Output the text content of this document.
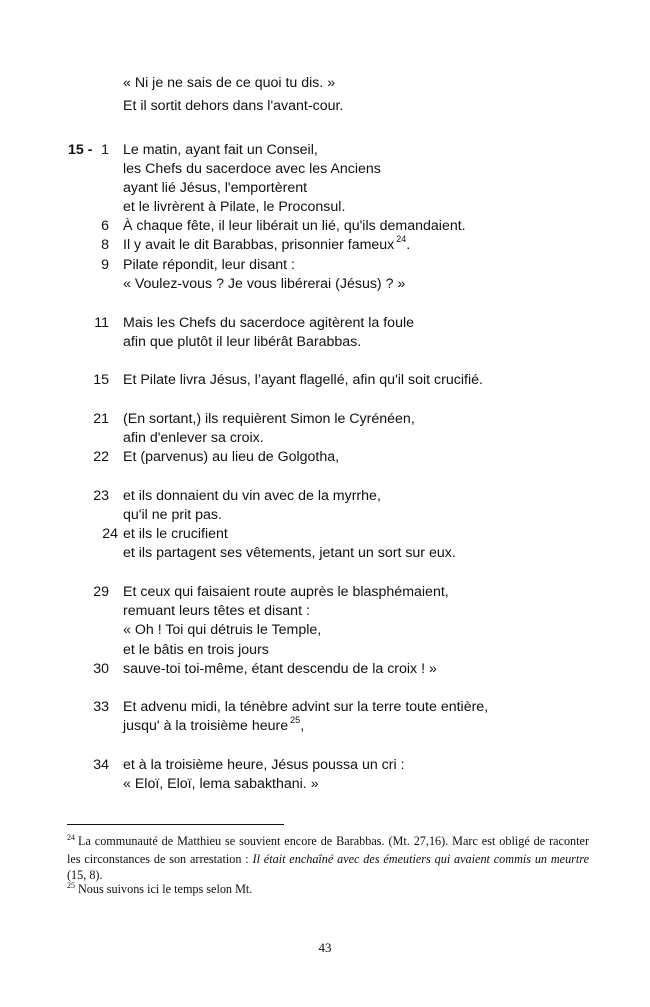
« Ni je ne sais de ce quoi tu dis. »
Et il sortit dehors dans l'avant-cour.
15 - 1 Le matin, ayant fait un Conseil,
les Chefs du sacerdoce avec les Anciens
ayant lié Jésus, l'emportèrent
et le livrèrent à Pilate, le Proconsul.
6 À chaque fête, il leur libérait un lié, qu'ils demandaient.
8 Il y avait le dit Barabbas, prisonnier fameux $^{24}$.
9 Pilate répondit, leur disant :
« Voulez-vous ? Je vous libérerai (Jésus) ? »
11 Mais les Chefs du sacerdoce agitèrent la foule
afin que plutôt il leur libérât Barabbas.
15 Et Pilate livra Jésus, l’ayant flagellé, afin qu'il soit crucifié.
21 (En sortant,) ils requièrent Simon le Cyrénéen,
afin d'enlever sa croix.
22 Et (parvenus) au lieu de Golgotha,
23 et ils donnaient du vin avec de la myrrhe,
qu'il ne prit pas.
24 et ils le crucifient
et ils partagent ses vêtements, jetant un sort sur eux.
29 Et ceux qui faisaient route auprès le blasphémaient,
remuant leurs têtes et disant :
« Oh ! Toi qui détruis le Temple,
et le bâtis en trois jours
30 sauve-toi toi-même, étant descendu de la croix ! »
33 Et advenu midi, la ténèbre advint sur la terre toute entière,
jusqu' à la troisième heure $^{25}$,
34 et à la troisième heure, Jésus poussa un cri :
« Eloï, Eloï, lema sabakthani. »
$^{24}$ La communauté de Matthieu se souvient encore de Barabbas. (Mt. 27,16). Marc est obligé de raconter les circonstances de son arrestation : Il était enchaîné avec des émeutiers qui avaient commis un meurtre (15, 8).
$^{25}$ Nous suivons ici le temps selon Mt.
43
